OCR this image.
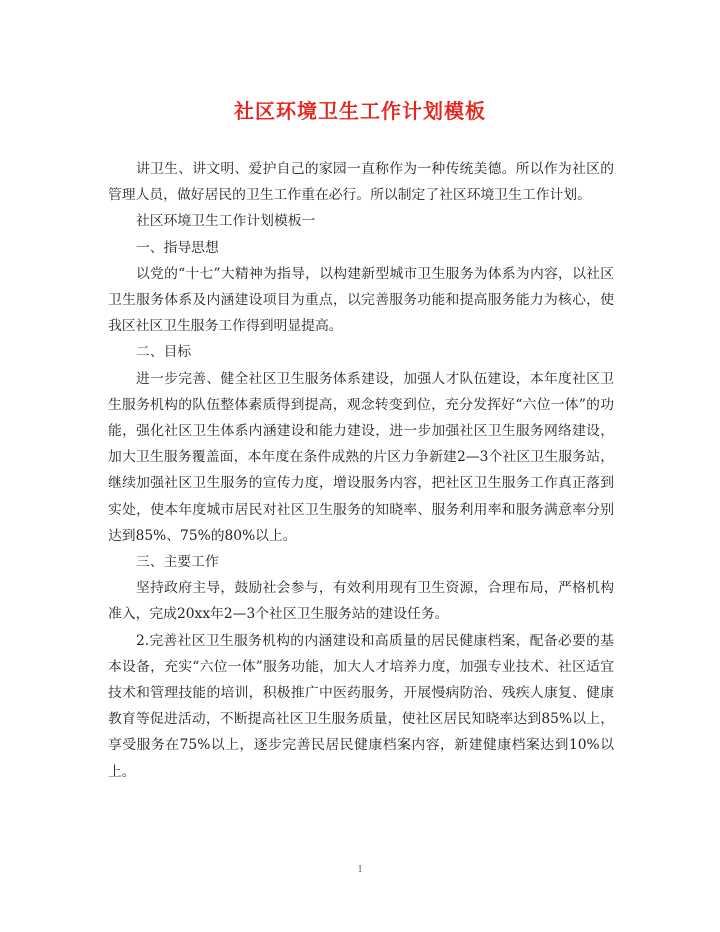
社区环境卫生工作计划模板

讲卫生、讲文明、爱护自己的家园一直称作为一种传统美德。所以作为社区的管理人员，做好居民的卫生工作重在必行。所以制定了社区环境卫生工作计划。

社区环境卫生工作计划模板一

一、指导思想

以党的“十七”大精神为指导，以构建新型城市卫生服务为体系为内容，以社区卫生服务体系及内涵建设项目为重点，以完善服务功能和提高服务能力为核心，使我区社区卫生服务工作得到明显提高。

二、目标

进一步完善、健全社区卫生服务体系建设，加强人才队伍建设，本年度社区卫生服务机构的队伍整体素质得到提高，观念转变到位，充分发挥好“六位一体”的功能，强化社区卫生体系内涵建设和能力建设，进一步加强社区卫生服务网络建设，加大卫生服务覆盖面，本年度在条件成熟的片区力争新建2—3个社区卫生服务站，继续加强社区卫生服务的宣传力度，增设服务内容，把社区卫生服务工作真正落到实处，使本年度城市居民对社区卫生服务的知晓率、服务利用率和服务满意率分别达到85%、75%的80%以上。

三、主要工作

坚持政府主导，鼓励社会参与，有效利用现有卫生资源，合理布局，严格机构准入，完成20xx年2—3个社区卫生服务站的建设任务。

2.完善社区卫生服务机构的内涵建设和高质量的居民健康档案，配备必要的基本设备，充实“六位一体”服务功能，加大人才培养力度，加强专业技术、社区适宜技术和管理技能的培训，积极推广中医药服务，开展慢病防治、残疾人康复、健康教育等促进活动，不断提高社区卫生服务质量，使社区居民知晓率达到85%以上，享受服务在75%以上，逐步完善民居民健康档案内容，新建健康档案达到10%以上。

1
